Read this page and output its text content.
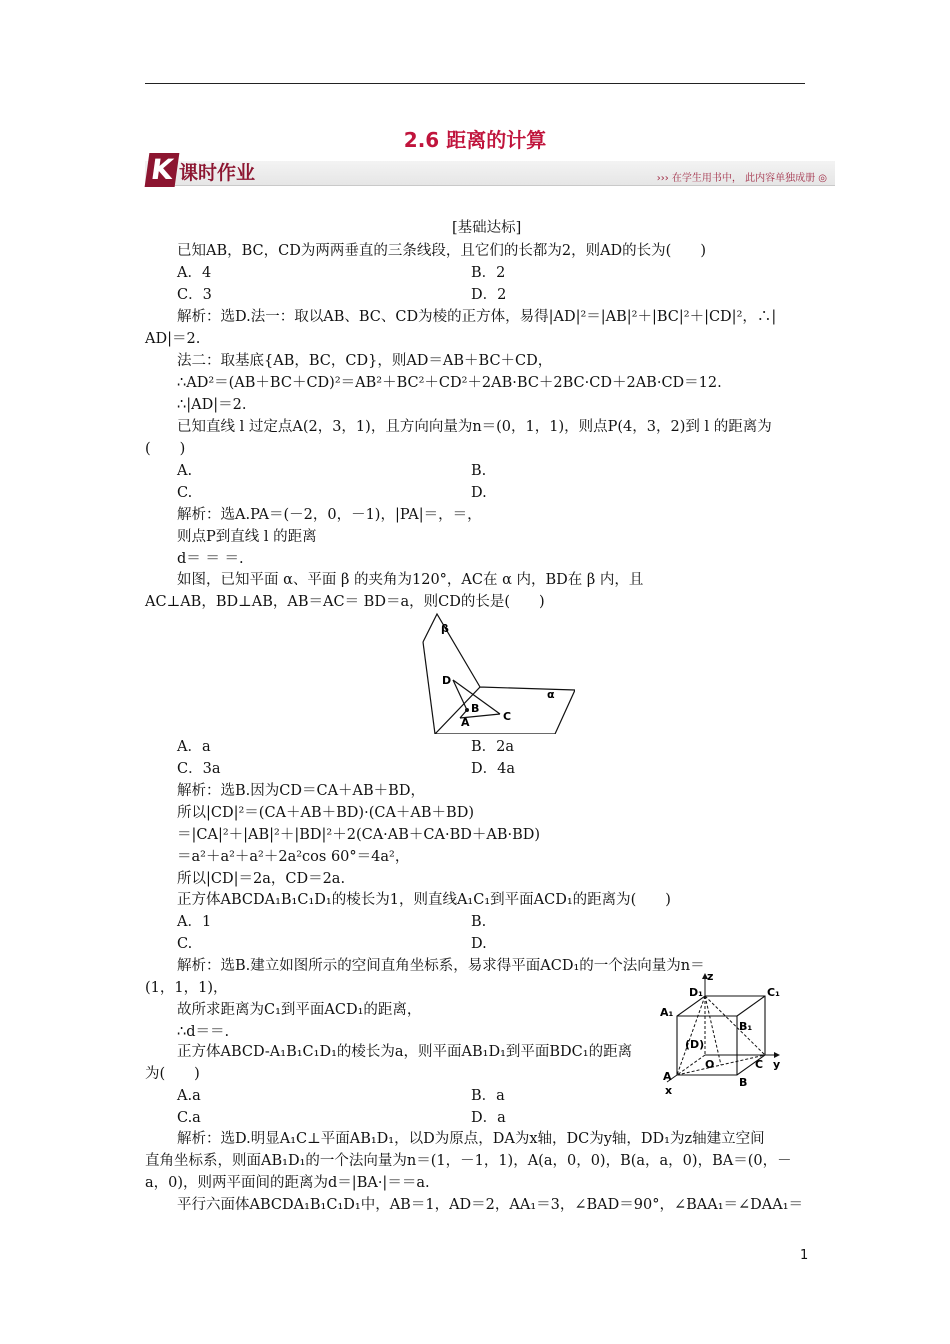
2.6 距离的计算
K 课时作业	››› 在学生用书中， 此内容单独成册 ◎
[基础达标]
已知AB，BC，CD为两两垂直的三条线段，且它们的长都为2，则AD的长为(　　)
A．4	B．2
C．3	D．2
解析：选D.法一：取以AB、BC、CD为棱的正方体，易得|AD|²＝|AB|²＋|BC|²＋|CD|²，∴|
AD|＝2.
法二：取基底{AB，BC，CD}，则AD＝AB＋BC＋CD，
∴AD²＝(AB＋BC＋CD)²＝AB²＋BC²＋CD²＋2AB·BC＋2BC·CD＋2AB·CD＝12.
∴|AD|＝2.
已知直线 l 过定点A(2，3，1)，且方向向量为n＝(0，1，1)，则点P(4，3，2)到 l 的距离为
(　　)
A.	B.
C.	D.
解析：选A.PA＝(－2，0，－1)，|PA|＝，＝，
则点P到直线 l 的距离
d＝ ＝ ＝.
如图，已知平面 α、平面 β 的夹角为120°，AC在 α 内，BD在 β 内，且
AC⊥AB，BD⊥AB，AB＝AC＝ BD＝a，则CD的长是(　　)
β
D
α
B
C
A
A．a	B．2a
C．3a	D．4a
解析：选B.因为CD＝CA＋AB＋BD，
所以|CD|²＝(CA＋AB＋BD)·(CA＋AB＋BD)
＝|CA|²＋|AB|²＋|BD|²＋2(CA·AB＋CA·BD＋AB·BD)
＝a²＋a²＋a²＋2a²cos 60°＝4a²，
所以|CD|＝2a，CD＝2a.
正方体ABCDA₁B₁C₁D₁的棱长为1，则直线A₁C₁到平面ACD₁的距离为(　　)
A．1	B.
C.	D.
解析：选B.建立如图所示的空间直角坐标系，易求得平面ACD₁的一个法向量为n＝
(1，1，1)，
故所求距离为C₁到平面ACD₁的距离，
∴d＝＝.
z
D₁	C₁
A₁
B₁
(D)
O	C y
A	B
x
正方体ABCD-A₁B₁C₁D₁的棱长为a，则平面AB₁D₁到平面BDC₁的距离
为(　　)
A.a	B．a
C.a	D．a
解析：选D.明显A₁C⊥平面AB₁D₁，以D为原点，DA为x轴，DC为y轴，DD₁为z轴建立空间
直角坐标系，则面AB₁D₁的一个法向量为n＝(1，－1，1)，A(a，0，0)，B(a，a，0)，BA＝(0，－
a，0)，则两平面间的距离为d＝|BA·|＝＝a.
平行六面体ABCDA₁B₁C₁D₁中，AB＝1，AD＝2，AA₁＝3，∠BAD＝90°，∠BAA₁＝∠DAA₁＝
1
